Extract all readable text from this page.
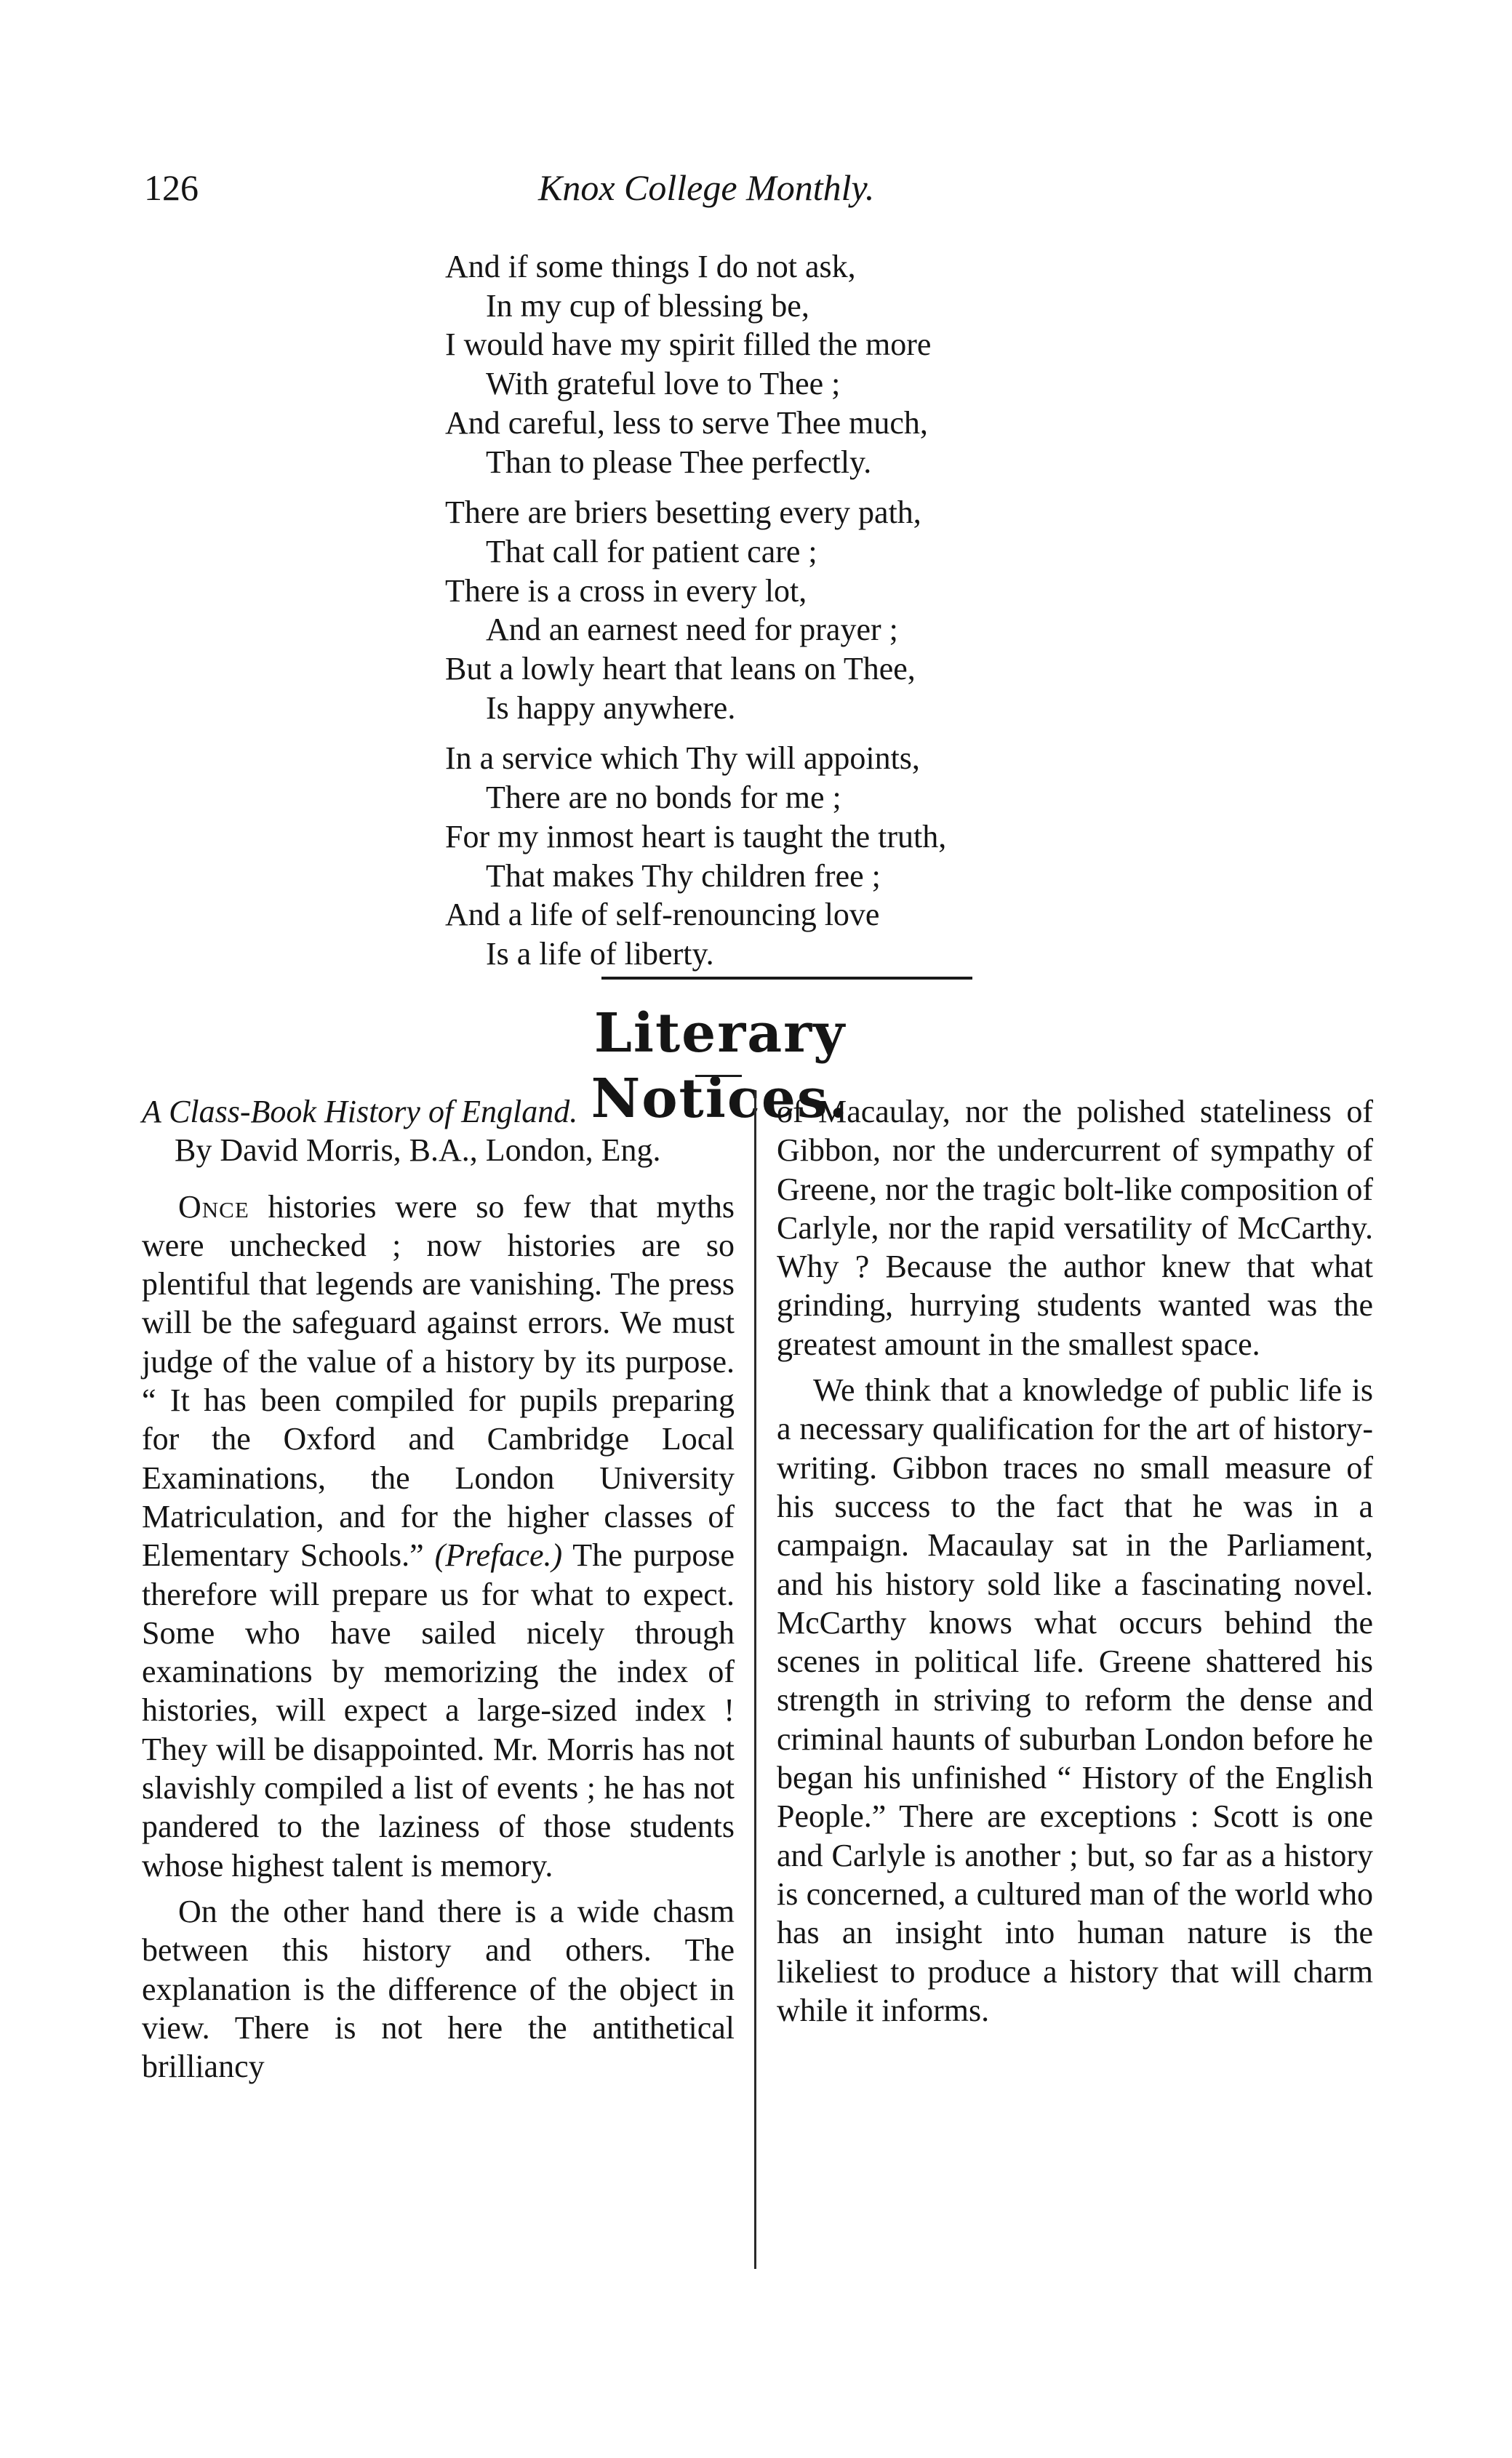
126	Knox College Monthly.
And if some things I do not ask,
In my cup of blessing be,
I would have my spirit filled the more
With grateful love to Thee ;
And careful, less to serve Thee much,
Than to please Thee perfectly.
There are briers besetting every path,
That call for patient care ;
There is a cross in every lot,
And an earnest need for prayer ;
But a lowly heart that leans on Thee,
Is happy anywhere.
In a service which Thy will appoints,
There are no bonds for me ;
For my inmost heart is taught the truth,
That makes Thy children free ;
And a life of self-renouncing love
Is a life of liberty.
Literary Notices.
A Class-Book History of England.
By David Morris, B.A., London, Eng.

Once histories were so few that myths were unchecked ; now histories are so plentiful that legends are vanishing. The press will be the safeguard against errors. We must judge of the value of a history by its purpose. “ It has been compiled for pupils preparing for the Oxford and Cambridge Local Examinations, the London University Matriculation, and for the higher classes of Elementary Schools.” (Preface.) The purpose therefore will prepare us for what to expect. Some who have sailed nicely through examinations by memorizing the index of histories, will expect a large-sized index ! They will be disappointed. Mr. Morris has not slavishly compiled a list of events ; he has not pandered to the laziness of those students whose highest talent is memory.

On the other hand there is a wide chasm between this history and others. The explanation is the difference of the object in view. There is not here the antithetical brilliancy

of Macaulay, nor the polished stateliness of Gibbon, nor the undercurrent of sympathy of Greene, nor the tragic bolt-like composition of Carlyle, nor the rapid versatility of McCarthy. Why ? Because the author knew that what grinding, hurrying students wanted was the greatest amount in the smallest space.

We think that a knowledge of public life is a necessary qualification for the art of history-writing. Gibbon traces no small measure of his success to the fact that he was in a campaign. Macaulay sat in the Parliament, and his history sold like a fascinating novel. McCarthy knows what occurs behind the scenes in political life. Greene shattered his strength in striving to reform the dense and criminal haunts of suburban London before he began his unfinished “ History of the English People.” There are exceptions : Scott is one and Carlyle is another ; but, so far as a history is concerned, a cultured man of the world who has an insight into human nature is the likeliest to produce a history that will charm while it informs.
